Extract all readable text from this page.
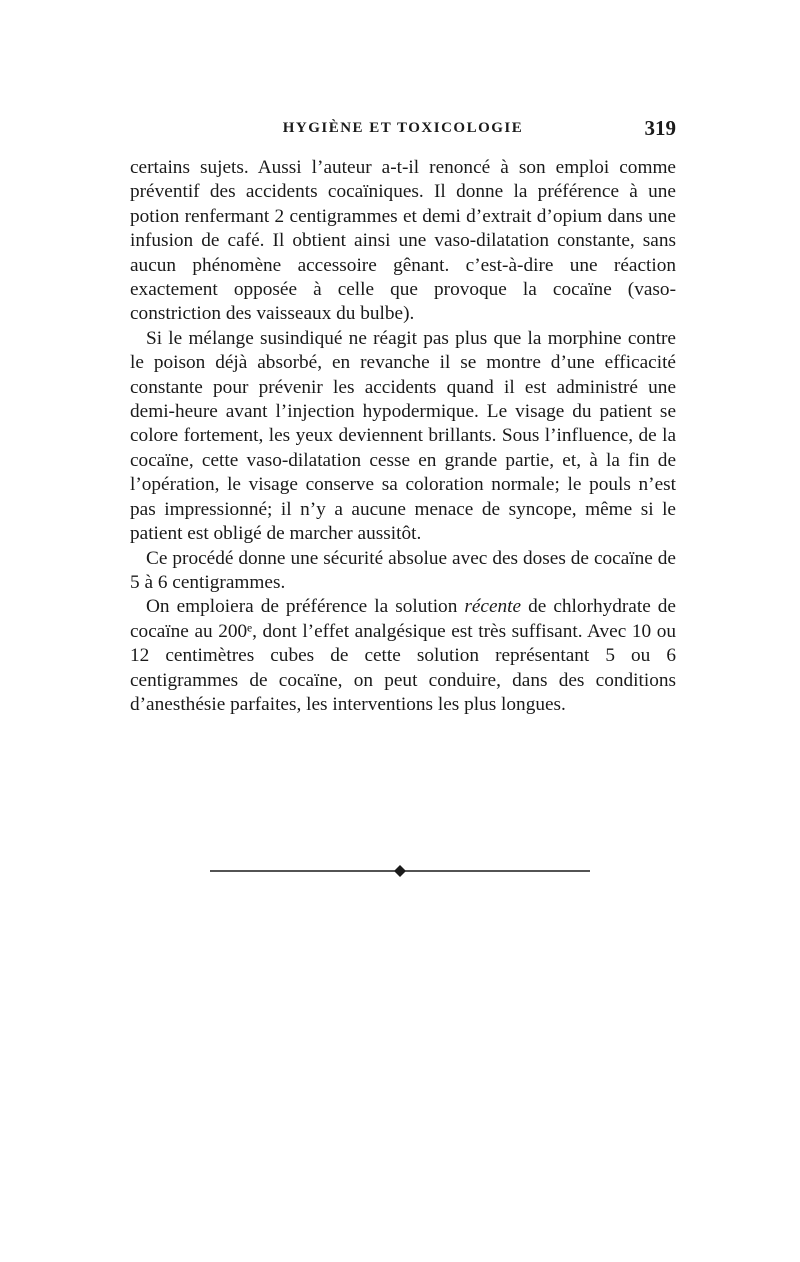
HYGIÈNE ET TOXICOLOGIE	319

certains sujets. Aussi l’auteur a-t-il renoncé à son emploi comme préventif des accidents cocaïniques. Il donne la préférence à une potion renfermant 2 centigrammes et demi d’extrait d’opium dans une infusion de café. Il obtient ainsi une vaso-dilatation constante, sans aucun phénomène accessoire gênant. c’est-à-dire une réaction exactement opposée à celle que provoque la cocaïne (vaso-constriction des vaisseaux du bulbe).

Si le mélange susindiqué ne réagit pas plus que la morphine contre le poison déjà absorbé, en revanche il se montre d’une efficacité constante pour prévenir les accidents quand il est administré une demi-heure avant l’injection hypodermique. Le visage du patient se colore fortement, les yeux deviennent brillants. Sous l’influence, de la cocaïne, cette vaso-dilatation cesse en grande partie, et, à la fin de l’opération, le visage conserve sa coloration normale; le pouls n’est pas impressionné; il n’y a aucune menace de syncope, même si le patient est obligé de marcher aussitôt.

Ce procédé donne une sécurité absolue avec des doses de cocaïne de 5 à 6 centigrammes.

On emploiera de préférence la solution récente de chlorhydrate de cocaïne au 200ᵉ, dont l’effet analgésique est très suffisant. Avec 10 ou 12 centimètres cubes de cette solution représentant 5 ou 6 centigrammes de cocaïne, on peut conduire, dans des conditions d’anesthésie parfaites, les interventions les plus longues.
